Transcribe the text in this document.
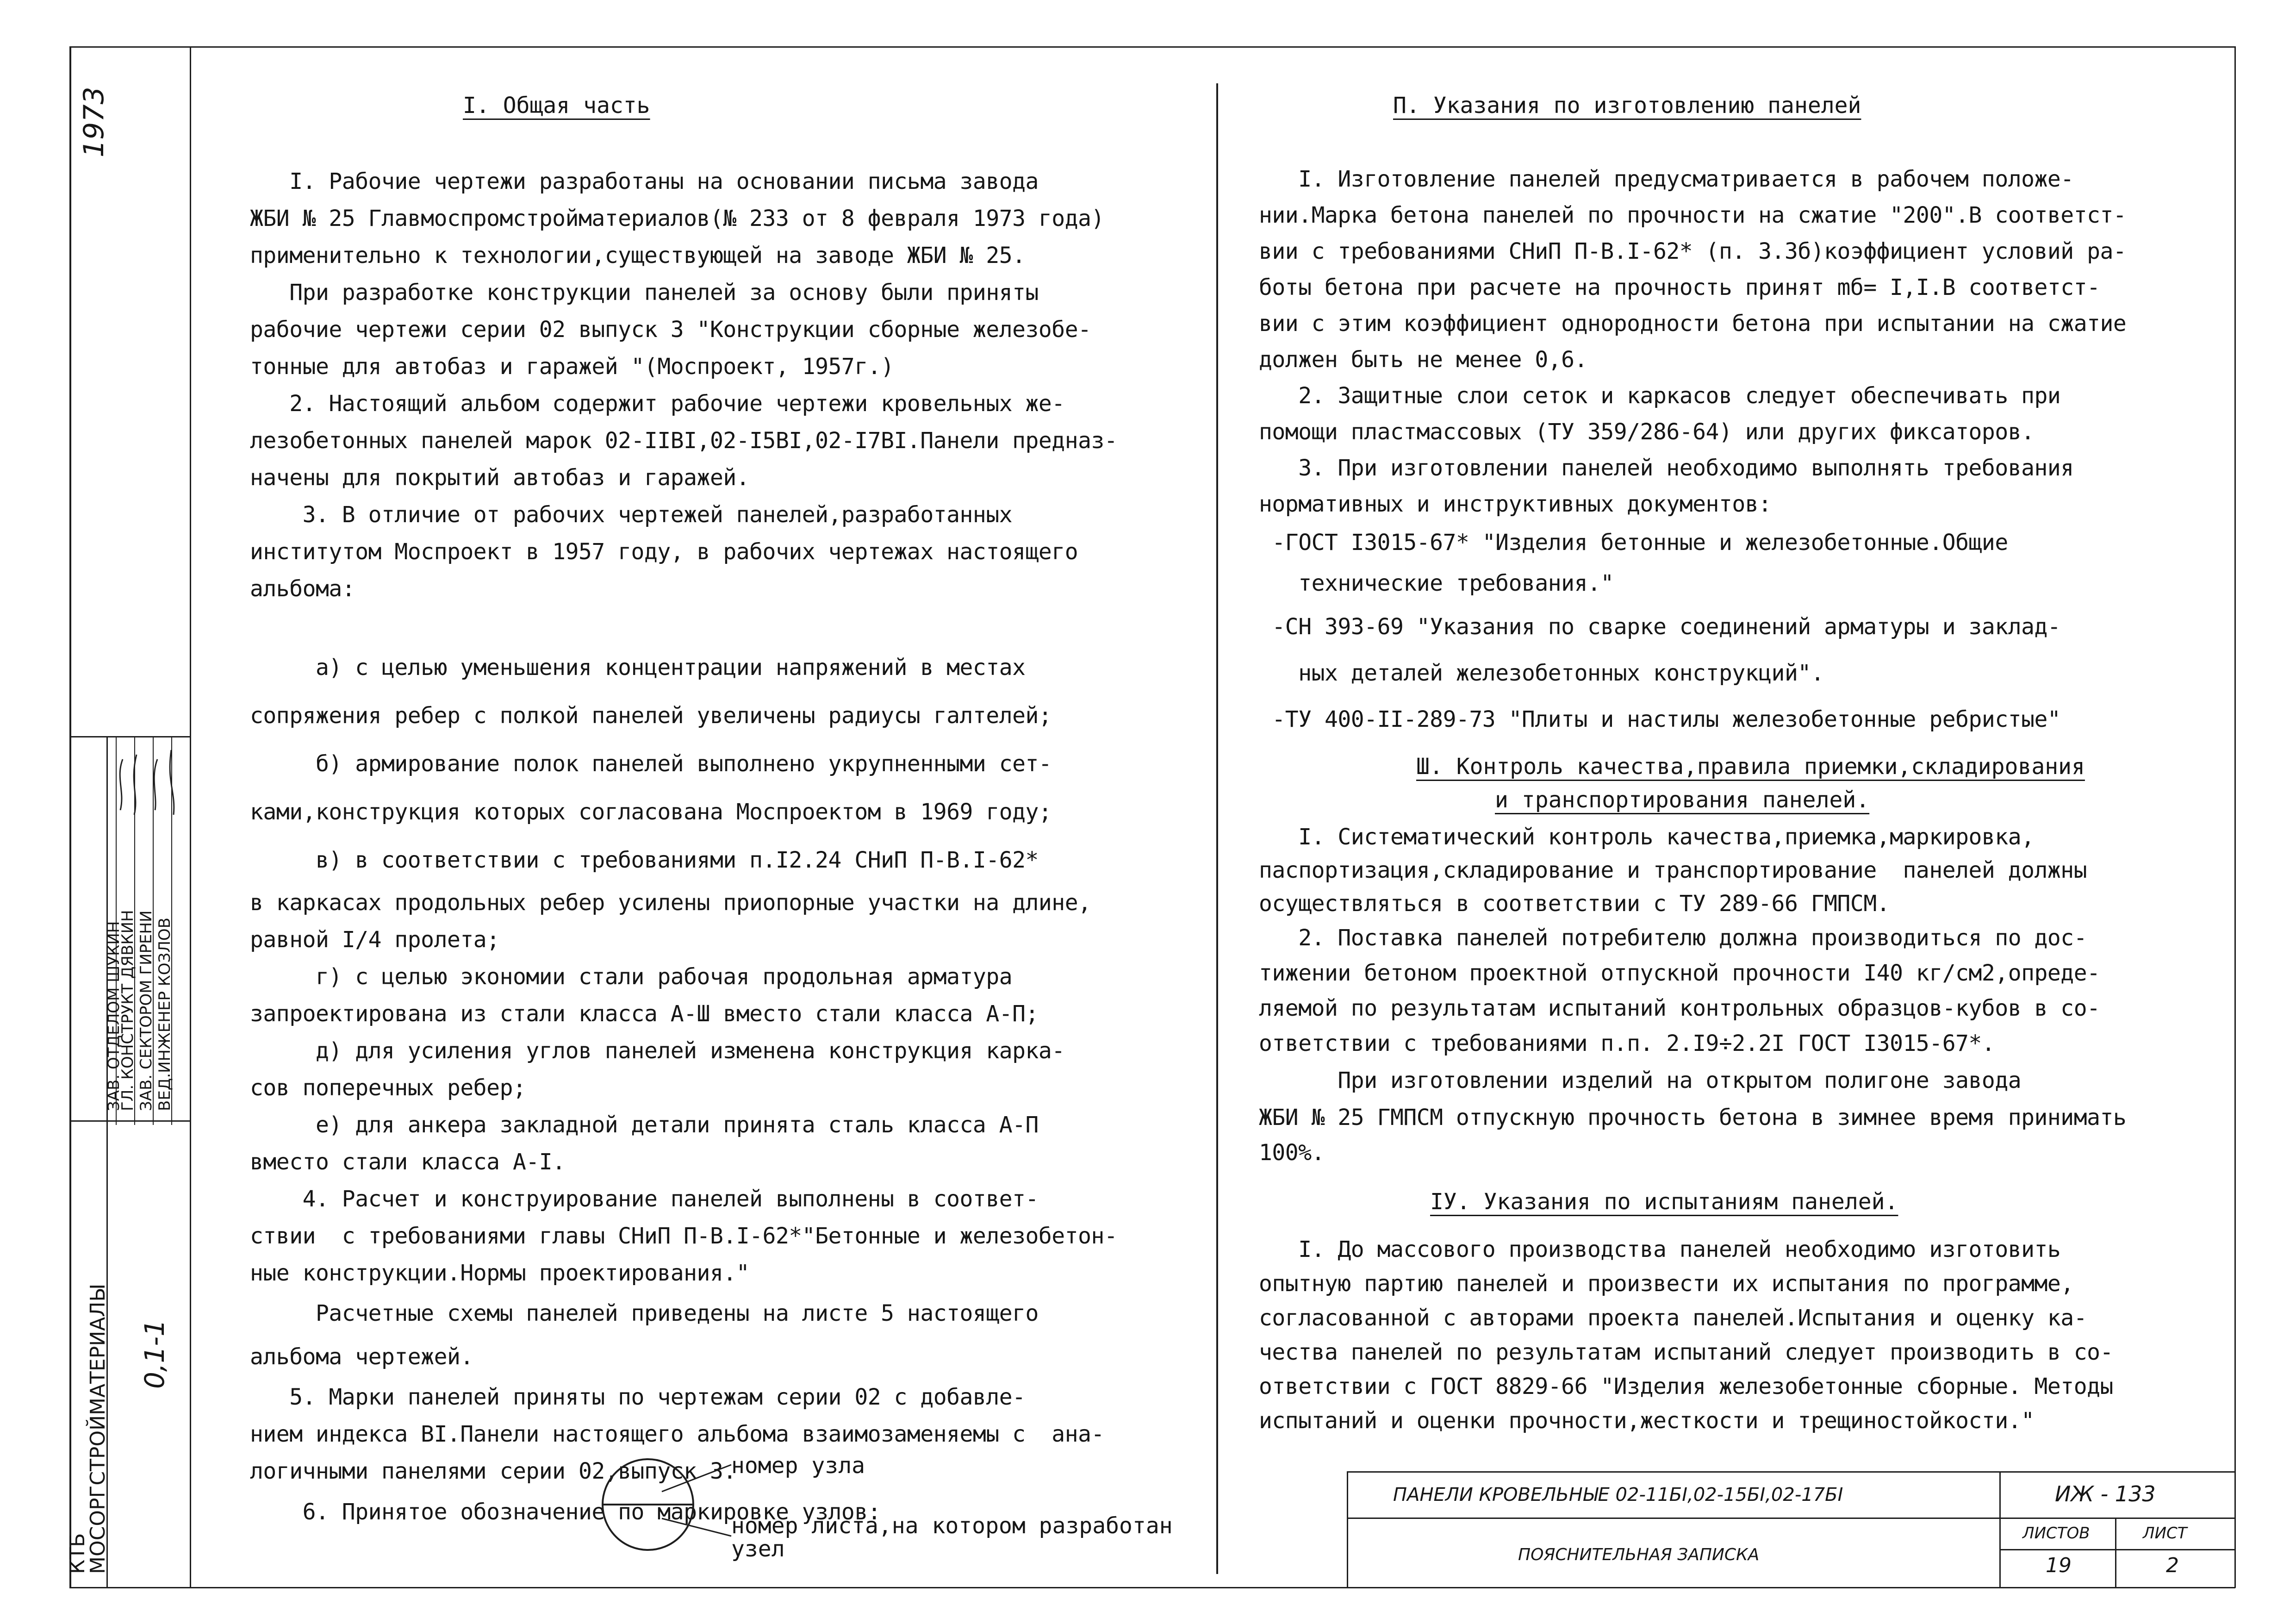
1973
КТБ
МОСОРГСТРОЙМАТЕРИАЛЫ 0,1-1
ЗАВ. ОТДЕЛОМ ШУКИН
ГЛ. КОНСТРУКТ ДЯВКИН ЗАВ. СЕКТОРОМ ГИРЕНИ ВЕД.ИНЖЕНЕР КОЗЛОВ
I. Общая часть

I. Рабочие чертежи разработаны на основании письма завода

ЖБИ № 25 Главмоспромстройматериалов(№ 233 от 8 февраля 1973 года)

применительно к технологии,существующей на заводе ЖБИ № 25.

При разработке конструкции панелей за основу были приняты

рабочие чертежи серии 02 выпуск 3 "Конструкции сборные железобе-

тонные для автобаз и гаражей "(Моспроект, 1957г.)

2. Настоящий альбом содержит рабочие чертежи кровельных же-

лезобетонных панелей марок 02-IIBI,02-I5BI,02-I7BI.Панели предназ-

начены для покрытий автобаз и гаражей.

3. В отличие от рабочих чертежей панелей,разработанных

институтом Моспроект в 1957 году, в рабочих чертежах настоящего

альбома:

а) с целью уменьшения концентрации напряжений в местах

сопряжения ребер с полкой панелей увеличены радиусы галтелей;

б) армирование полок панелей выполнено укрупненными сет-

ками,конструкция которых согласована Моспроектом в 1969 году;

в) в соответствии с требованиями п.I2.24 СНиП П-В.I-62*

в каркасах продольных ребер усилены приопорные участки на длине,

равной I/4 пролета;

г) с целью экономии стали рабочая продольная арматура

запроектирована из стали класса А-Ш вместо стали класса А-П;

д) для усиления углов панелей изменена конструкция карка-

сов поперечных ребер;

е) для анкера закладной детали принята сталь класса А-П

вместо стали класса А-I.

4. Расчет и конструирование панелей выполнены в соответ-

ствии  с требованиями главы СНиП П-В.I-62*"Бетонные и железобетон-

ные конструкции.Нормы проектирования."

Расчетные схемы панелей приведены на листе 5 настоящего

альбома чертежей.

5. Марки панелей приняты по чертежам серии 02 с добавле-

нием индекса BI.Панели настоящего альбома взаимозаменяемы с  ана-

логичными панелями серии 02,выпуск 3.

6. Принятое обозначение по маркировке узлов:

номер узла
номер листа,на котором разработан
узел
П. Указания по изготовлению панелей

I. Изготовление панелей предусматривается в рабочем положе-

нии.Марка бетона панелей по прочности на сжатие "200".В соответст-

вии с требованиями СНиП П-В.I-62* (п. 3.3б)коэффициент условий ра-

боты бетона при расчете на прочность принят mб= I,I.В соответст-

вии с этим коэффициент однородности бетона при испытании на сжатие

должен быть не менее 0,6.

2. Защитные слои сеток и каркасов следует обеспечивать при

помощи пластмассовых (ТУ 359/286-64) или других фиксаторов.

3. При изготовлении панелей необходимо выполнять требования

нормативных и инструктивных документов:

-ГОСТ I3015-67* "Изделия бетонные и железобетонные.Общие

технические требования."

-СН 393-69 "Указания по сварке соединений арматуры и заклад-

ных деталей железобетонных конструкций".

-ТУ 400-II-289-73 "Плиты и настилы железобетонные ребристые"

Ш. Контроль качества,правила приемки,складирования
и транспортирования панелей.

I. Систематический контроль качества,приемка,маркировка,

паспортизация,складирование и транспортирование  панелей должны

осуществляться в соответствии с ТУ 289-66 ГМПСМ.

2. Поставка панелей потребителю должна производиться по дос-

тижении бетоном проектной отпускной прочности I40 кг/см2,опреде-

ляемой по результатам испытаний контрольных образцов-кубов в со-

ответствии с требованиями п.п. 2.I9÷2.2I ГОСТ I3015-67*.

При изготовлении изделий на открытом полигоне завода

ЖБИ № 25 ГМПСМ отпускную прочность бетона в зимнее время принимать

100%.

IУ. Указания по испытаниям панелей.

I. До массового производства панелей необходимо изготовить

опытную партию панелей и произвести их испытания по программе,

согласованной с авторами проекта панелей.Испытания и оценку ка-

чества панелей по результатам испытаний следует производить в со-

ответствии с ГОСТ 8829-66 "Изделия железобетонные сборные. Методы

испытаний и оценки прочности,жесткости и трещиностойкости."

ПАНЕЛИ КРОВЕЛЬНЫЕ 02-11БI,02-15БI,02-17БI	ИЖ - 133
ПОЯСНИТЕЛЬНАЯ ЗАПИСКА
ЛИСТОВ
19
ЛИСТ
2
